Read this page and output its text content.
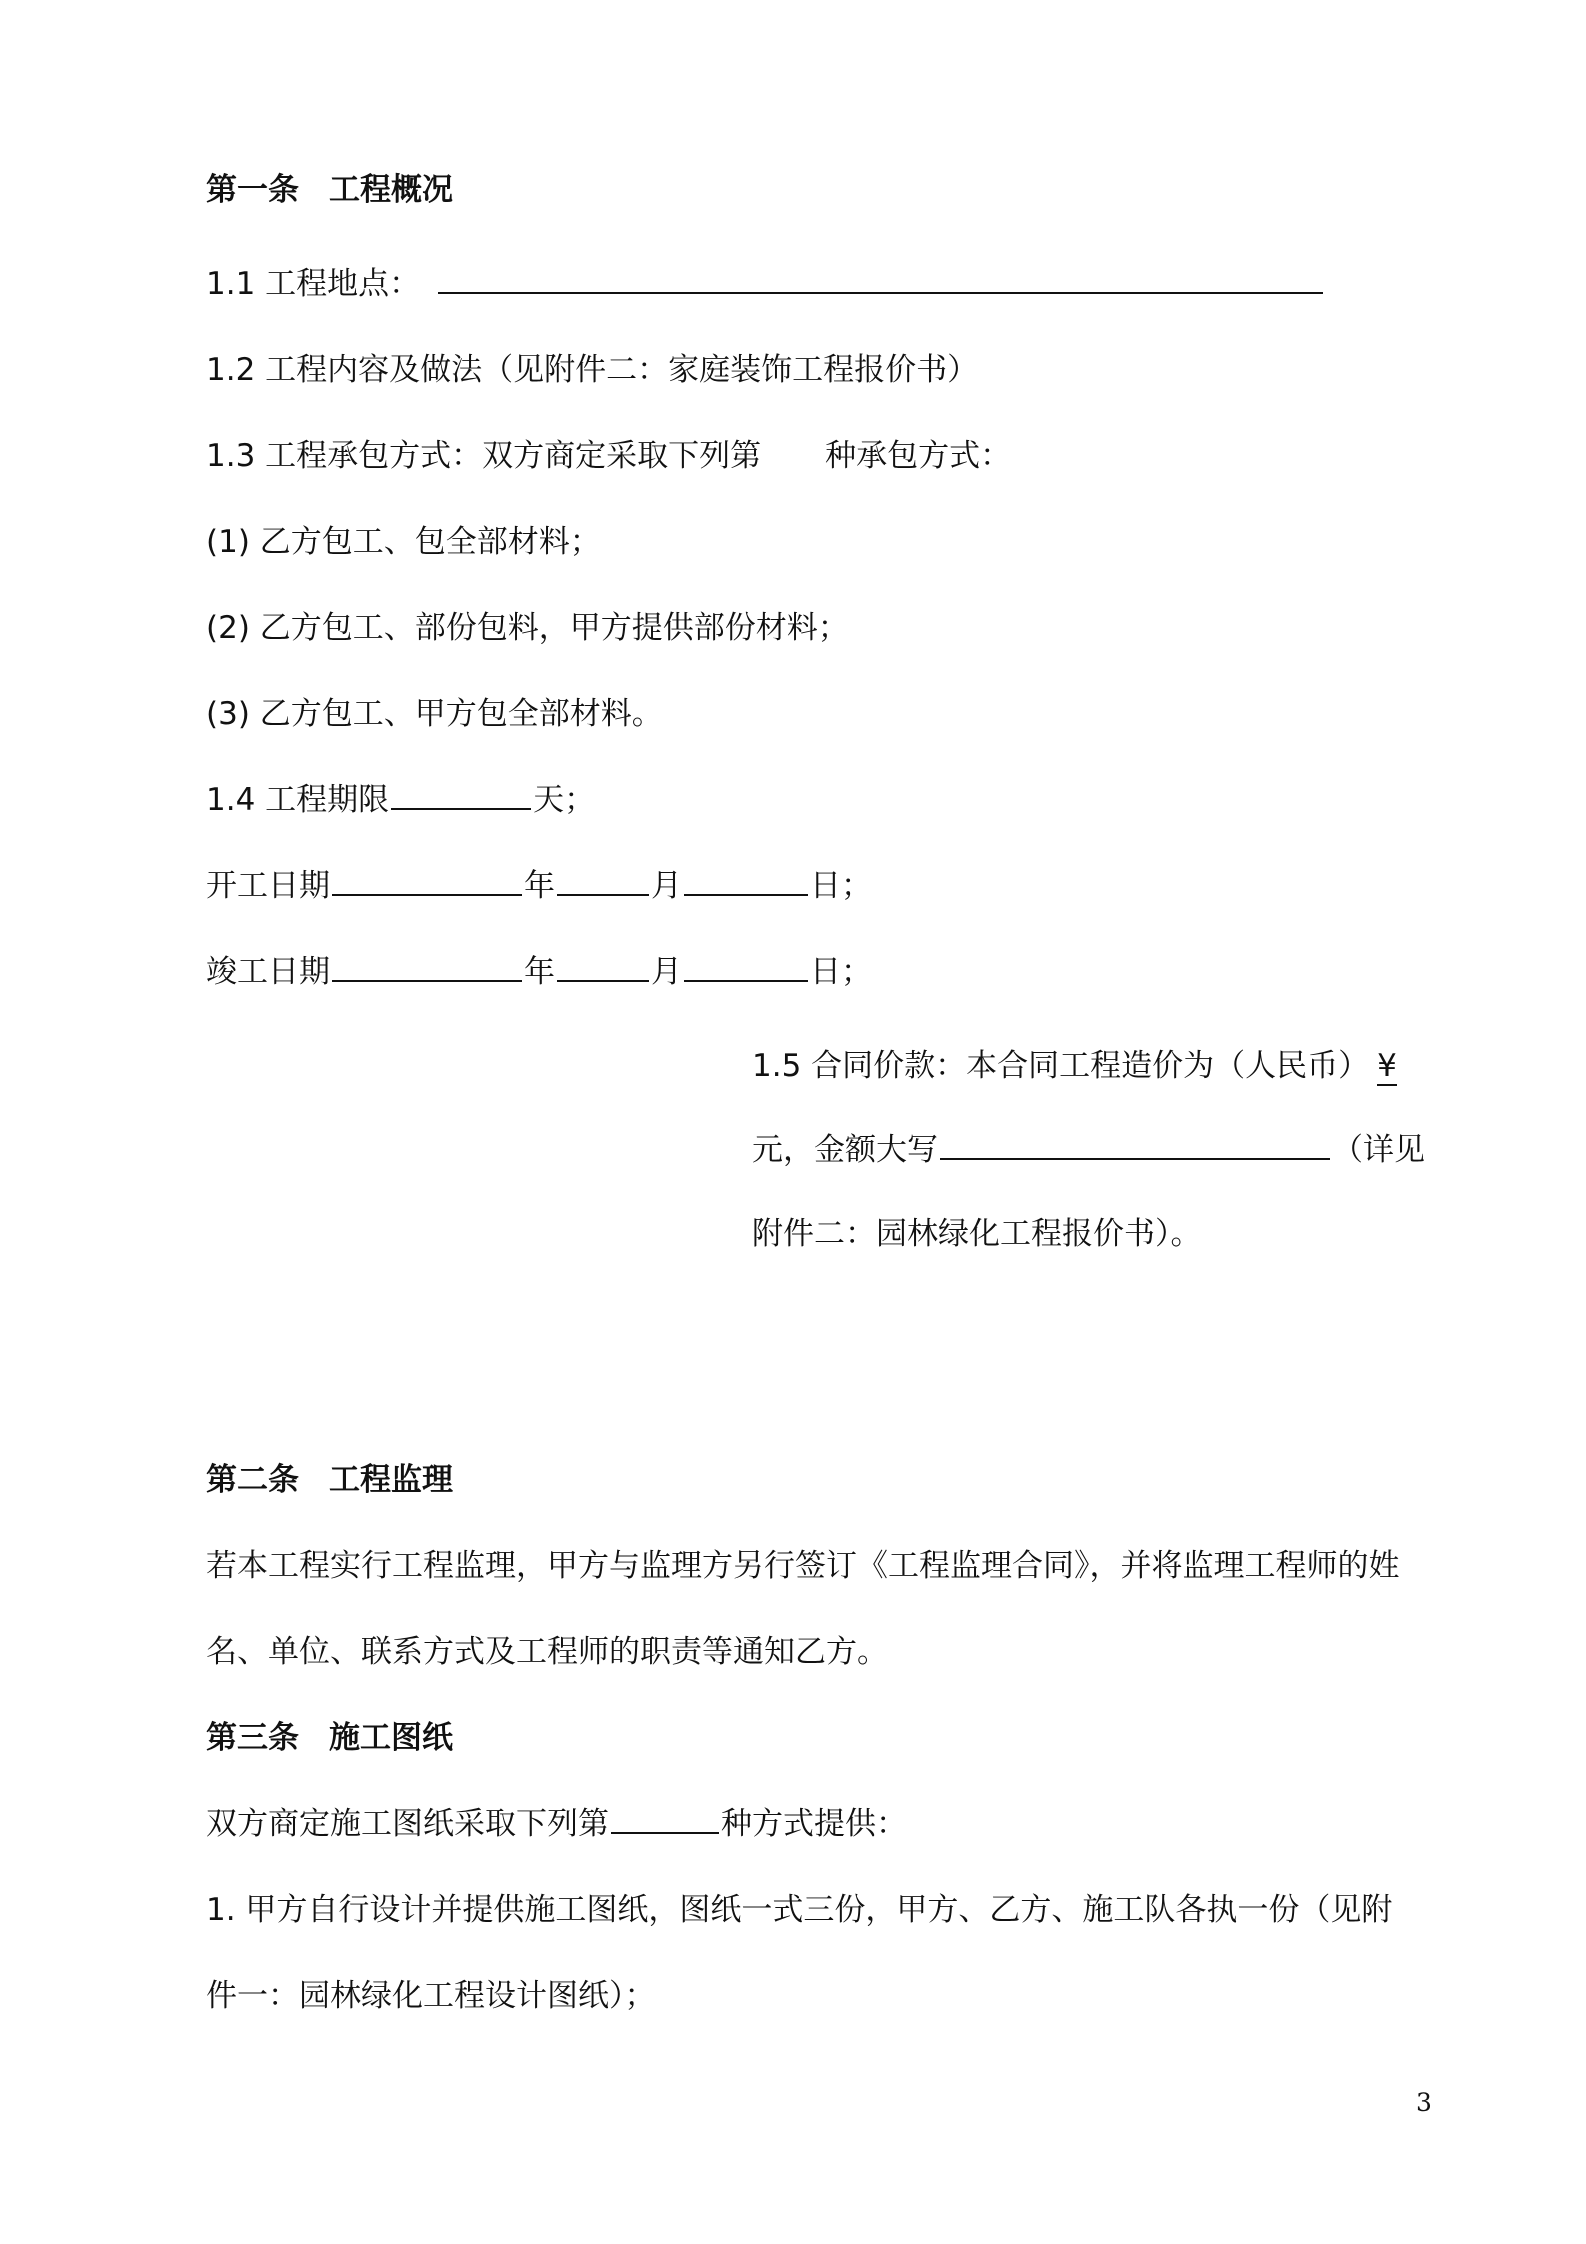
第一条 工程概况
1.1 工程地点：
1.2 工程内容及做法（见附件二：家庭装饰工程报价书）
1.3 工程承包方式：双方商定采取下列第 种承包方式：
(1) 乙方包工、包全部材料；
(2) 乙方包工、部份包料，甲方提供部份材料；
(3) 乙方包工、甲方包全部材料。
1.4 工程期限	天；
开工日期	年	月	日；
竣工日期	年	月	日；
1.5 合同价款：本合同工程造价为（人民币） ¥
元，金额大写	（详见
附件二：园林绿化工程报价书）。
第二条 工程监理
若本工程实行工程监理，甲方与监理方另行签订《工程监理合同》，并将监理工程师的姓
名、单位、联系方式及工程师的职责等通知乙方。
第三条 施工图纸
双方商定施工图纸采取下列第	种方式提供：
1. 甲方自行设计并提供施工图纸，图纸一式三份，甲方、乙方、施工队各执一份（见附
件一：园林绿化工程设计图纸）；
3
